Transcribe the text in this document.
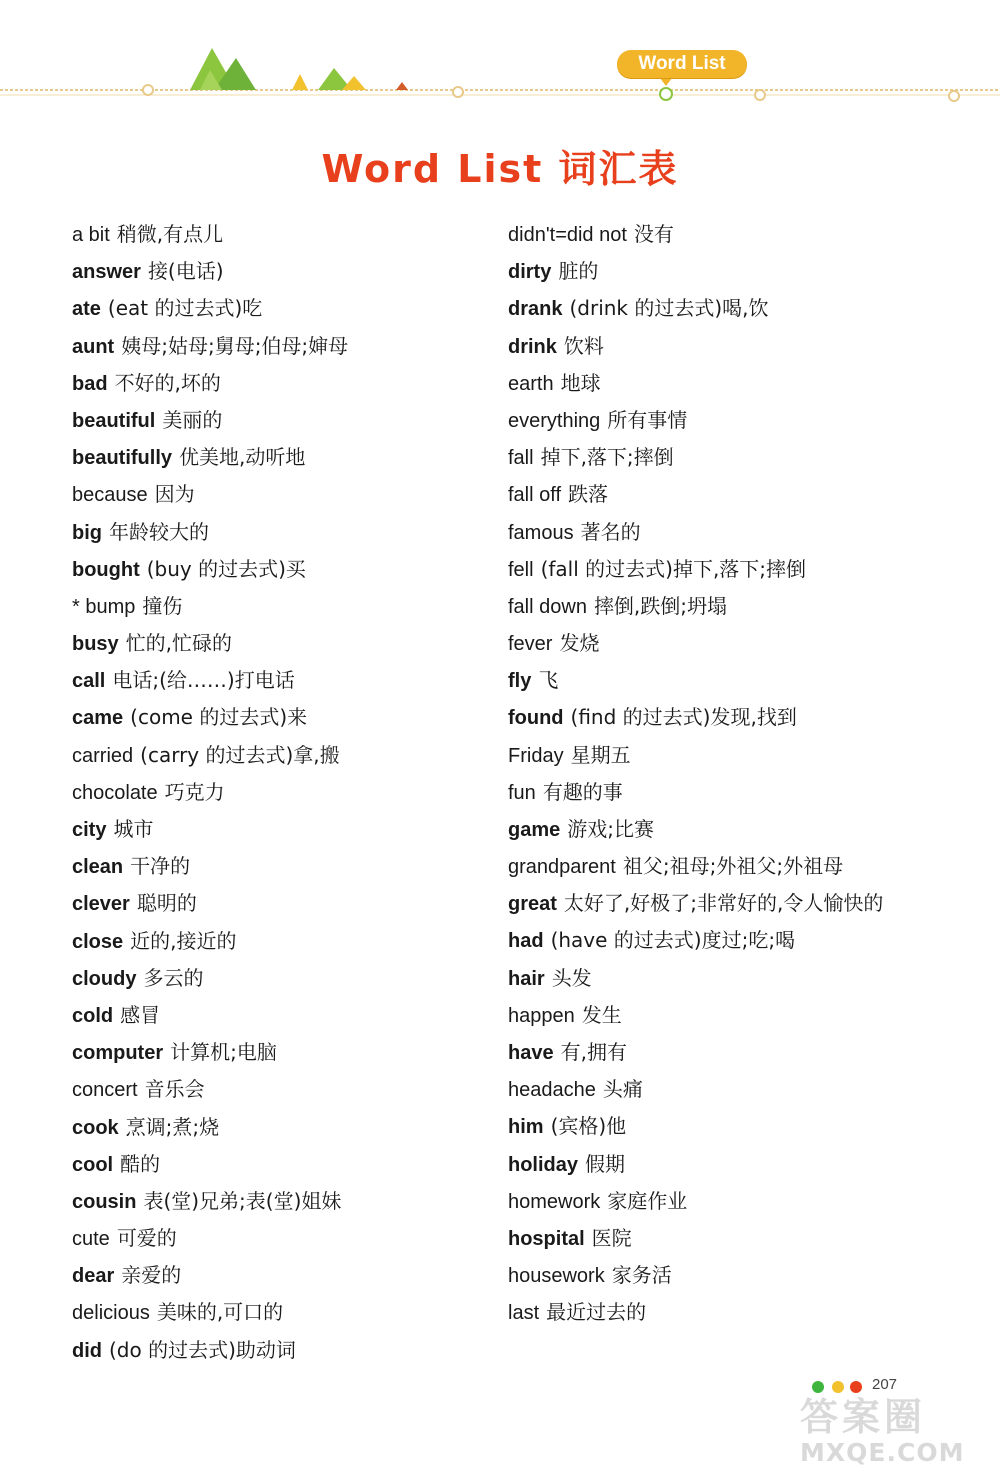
Word List
Word List 词汇表
a bit 稍微,有点儿
answer 接(电话)
ate (eat 的过去式)吃
aunt 姨母;姑母;舅母;伯母;婶母
bad 不好的,坏的
beautiful 美丽的
beautifully 优美地,动听地
because 因为
big 年龄较大的
bought (buy 的过去式)买
* bump 撞伤
busy 忙的,忙碌的
call 电话;(给……)打电话
came (come 的过去式)来
carried (carry 的过去式)拿,搬
chocolate 巧克力
city 城市
clean 干净的
clever 聪明的
close 近的,接近的
cloudy 多云的
cold 感冒
computer 计算机;电脑
concert 音乐会
cook 烹调;煮;烧
cool 酷的
cousin 表(堂)兄弟;表(堂)姐妹
cute 可爱的
dear 亲爱的
delicious 美味的,可口的
did (do 的过去式)助动词
didn't=did not 没有
dirty 脏的
drank (drink 的过去式)喝,饮
drink 饮料
earth 地球
everything 所有事情
fall 掉下,落下;摔倒
fall off 跌落
famous 著名的
fell (fall 的过去式)掉下,落下;摔倒
fall down 摔倒,跌倒;坍塌
fever 发烧
fly 飞
found (find 的过去式)发现,找到
Friday 星期五
fun 有趣的事
game 游戏;比赛
grandparent 祖父;祖母;外祖父;外祖母
great 太好了,好极了;非常好的,令人愉快的
had (have 的过去式)度过;吃;喝
hair 头发
happen 发生
have 有,拥有
headache 头痛
him (宾格)他
holiday 假期
homework 家庭作业
hospital 医院
housework 家务活
last 最近过去的
207
答案圈
MXQE.COM
